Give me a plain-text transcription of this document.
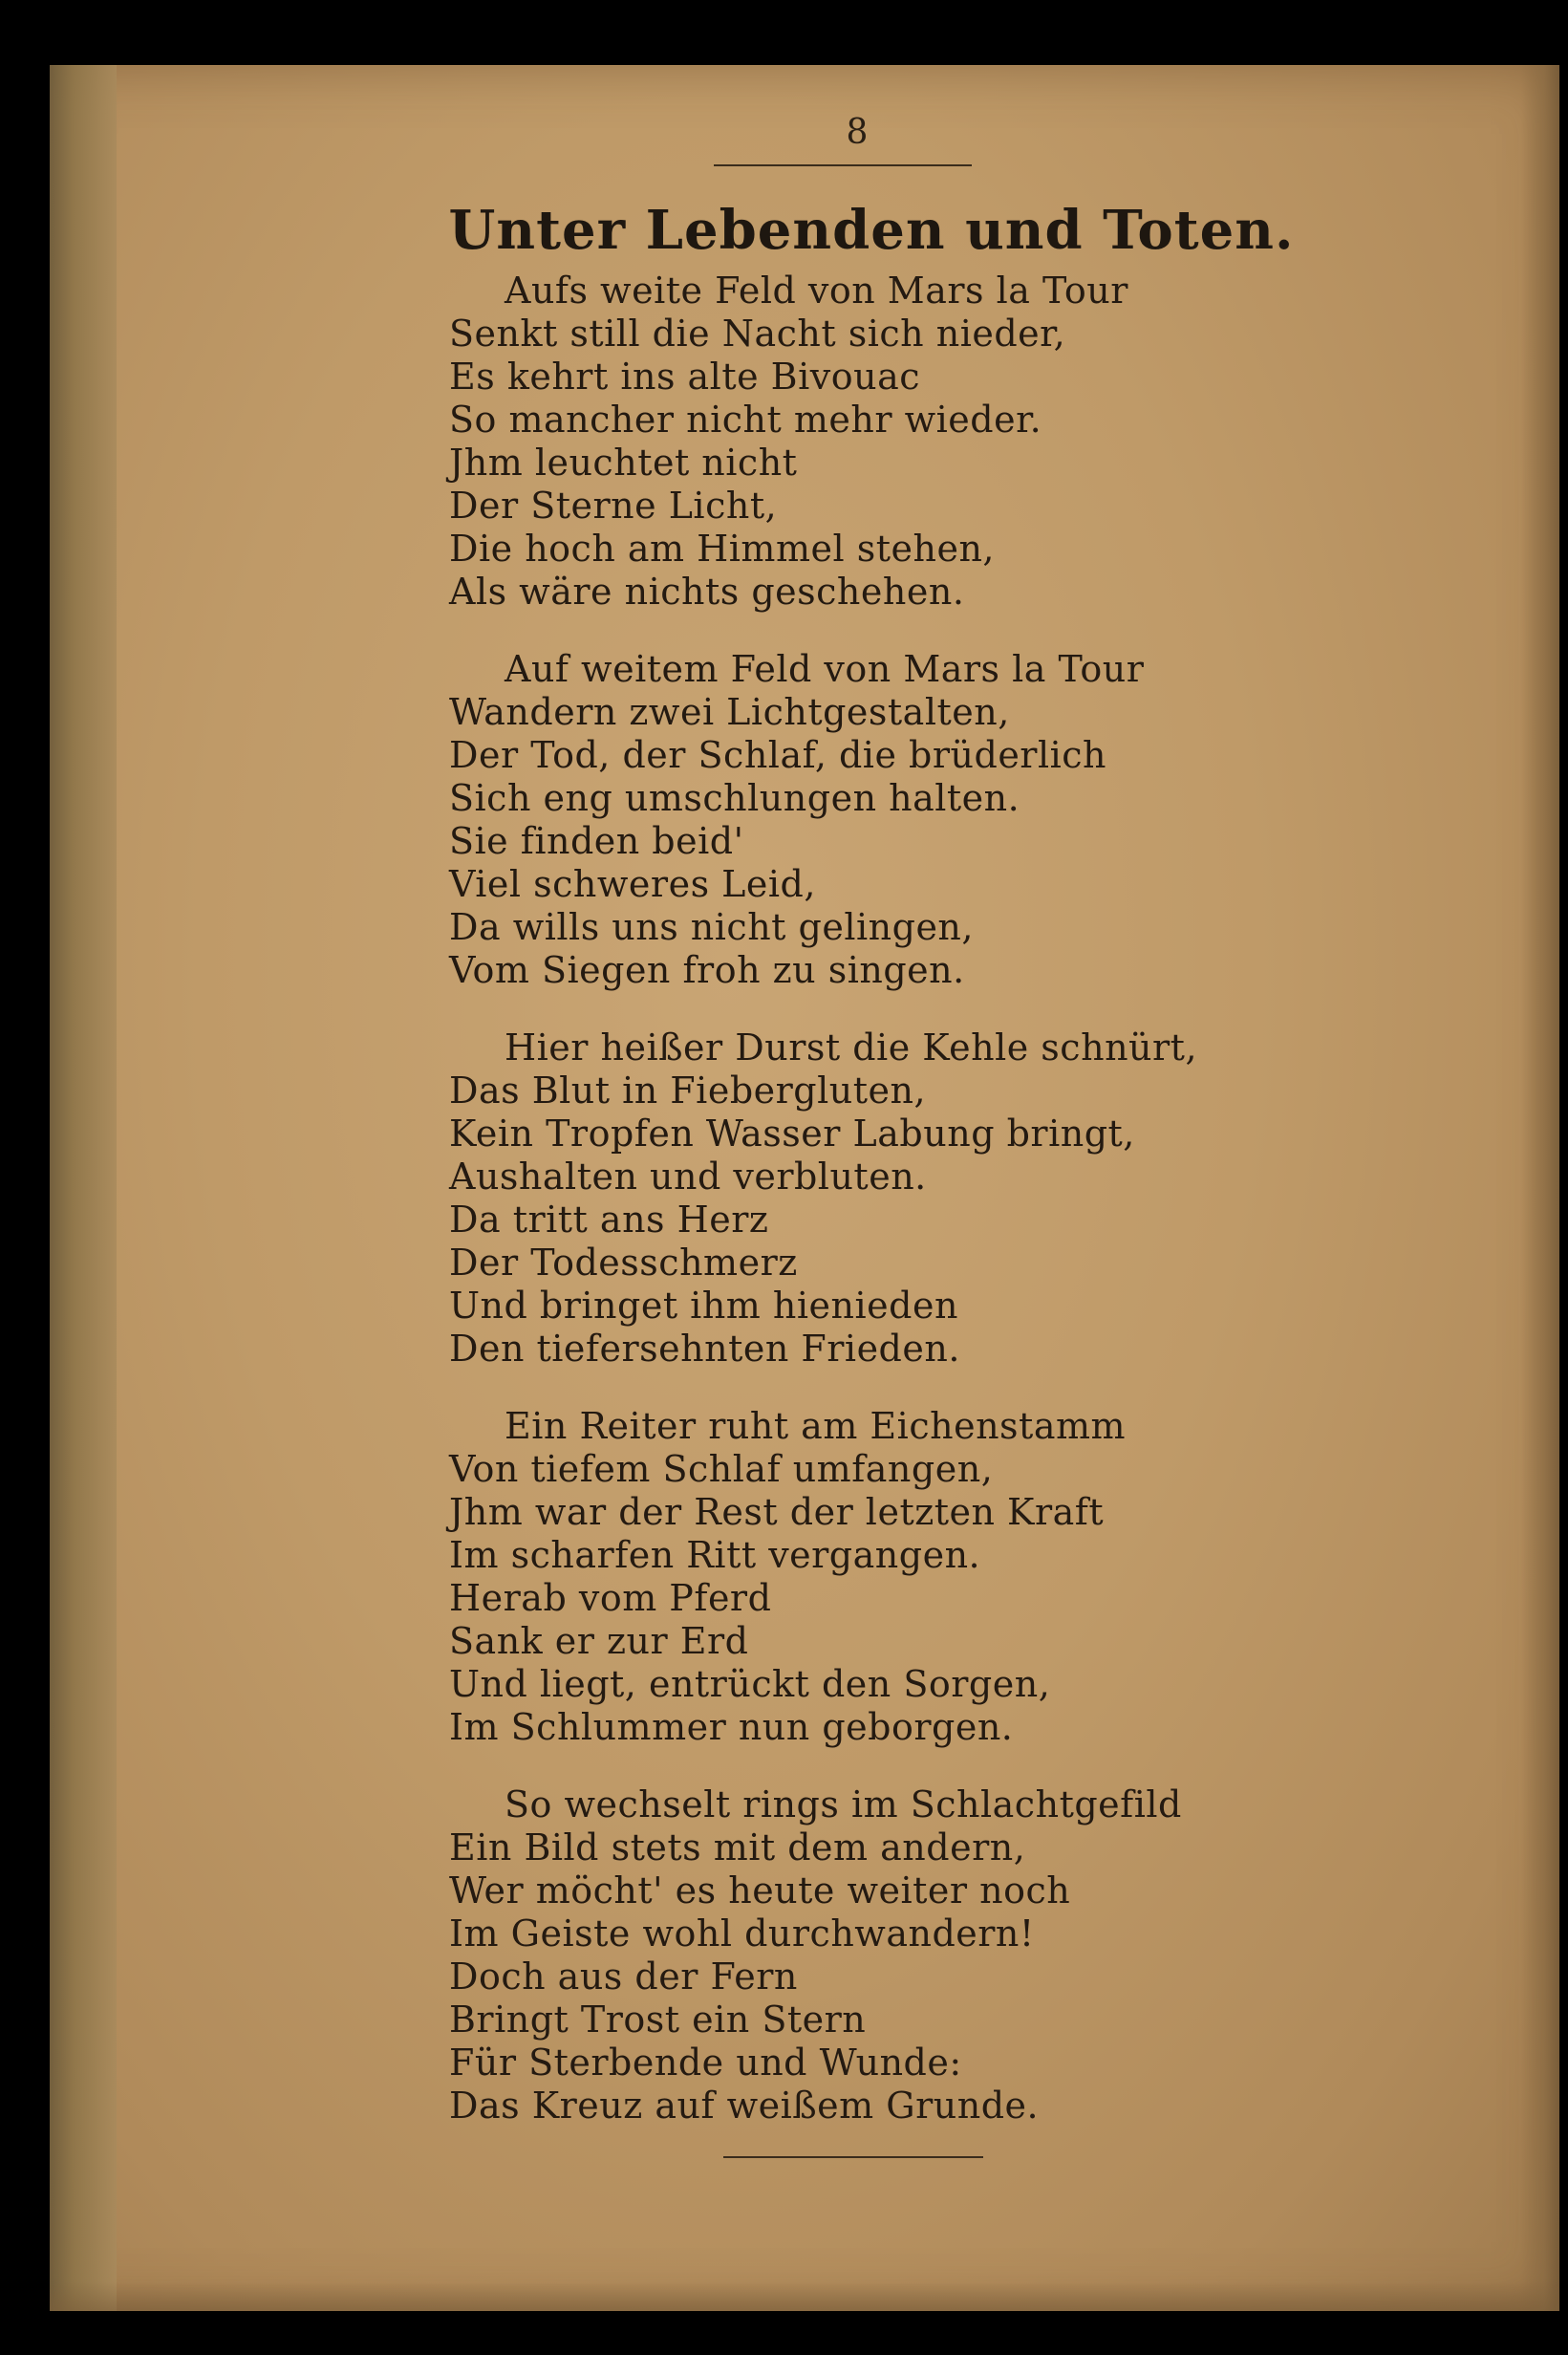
8
Unter Lebenden und Toten.
Aufs weite Feld von Mars la Tour
Senkt still die Nacht sich nieder,
Es kehrt ins alte Bivouac
So mancher nicht mehr wieder.
Jhm leuchtet nicht
Der Sterne Licht,
Die hoch am Himmel stehen,
Als wäre nichts geschehen.
Auf weitem Feld von Mars la Tour
Wandern zwei Lichtgestalten,
Der Tod, der Schlaf, die brüderlich
Sich eng umschlungen halten.
Sie finden beid'
Viel schweres Leid,
Da wills uns nicht gelingen,
Vom Siegen froh zu singen.
Hier heißer Durst die Kehle schnürt,
Das Blut in Fiebergluten,
Kein Tropfen Wasser Labung bringt,
Aushalten und verbluten.
Da tritt ans Herz
Der Todesschmerz
Und bringet ihm hienieden
Den tiefersehnten Frieden.
Ein Reiter ruht am Eichenstamm
Von tiefem Schlaf umfangen,
Jhm war der Rest der letzten Kraft
Im scharfen Ritt vergangen.
Herab vom Pferd
Sank er zur Erd
Und liegt, entrückt den Sorgen,
Im Schlummer nun geborgen.
So wechselt rings im Schlachtgefild
Ein Bild stets mit dem andern,
Wer möcht' es heute weiter noch
Im Geiste wohl durchwandern!
Doch aus der Fern
Bringt Trost ein Stern
Für Sterbende und Wunde:
Das Kreuz auf weißem Grunde.
